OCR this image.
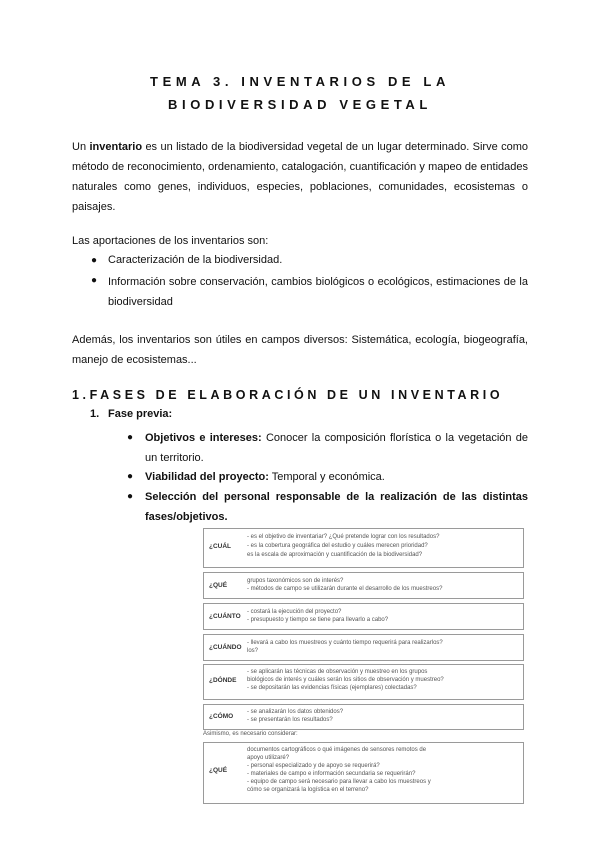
TEMA 3. INVENTARIOS DE LA
BIODIVERSIDAD VEGETAL
Un inventario es un listado de la biodiversidad vegetal de un lugar determinado. Sirve como método de reconocimiento, ordenamiento, catalogación, cuantificación y mapeo de entidades naturales como genes, individuos, especies, poblaciones, comunidades, ecosistemas o paisajes.
Las aportaciones de los inventarios son:
● Caracterización de la biodiversidad.
● Información sobre conservación, cambios biológicos o ecológicos, estimaciones de la biodiversidad
Además, los inventarios son útiles en campos diversos: Sistemática, ecología, biogeografía, manejo de ecosistemas...
1.FASES DE ELABORACIÓN DE UN INVENTARIO
1. Fase previa:
● Objetivos e intereses: Conocer la composición florística o la vegetación de un territorio.
● Viabilidad del proyecto: Temporal y económica.
● Selección del personal responsable de la realización de las distintas fases/objetivos.
¿CUÁL
- es el objetivo de inventariar? ¿Qué pretende lograr con los resultados?
- es la cobertura geográfica del estudio y cuáles merecen prioridad?
es la escala de aproximación y cuantificación de la biodiversidad?
¿QUÉ
grupos taxonómicos son de interés?
- métodos de campo se utilizarán durante el desarrollo de los muestreos?
¿CUÁNTO
- costará la ejecución del proyecto?
- presupuesto y tiempo se tiene para llevarlo a cabo?
¿CUÁNDO
- llevará a cabo los muestreos y cuánto tiempo requerirá para realizarlos?
los?
¿DÓNDE
- se aplicarán las técnicas de observación y muestreo en los grupos
biológicos de interés y cuáles serán los sitios de observación y muestreo?
- se depositarán las evidencias físicas (ejemplares) colectadas?
¿CÓMO
- se analizarán los datos obtenidos?
- se presentarán los resultados?
Asimismo, es necesario considerar:
¿QUÉ
documentos cartográficos o qué imágenes de sensores remotos de
apoyo utilizaré?
- personal especializado y de apoyo se requerirá?
- materiales de campo e información secundaria se requerirán?
- equipo de campo será necesario para llevar a cabo los muestreos y
cómo se organizará la logística en el terreno?
